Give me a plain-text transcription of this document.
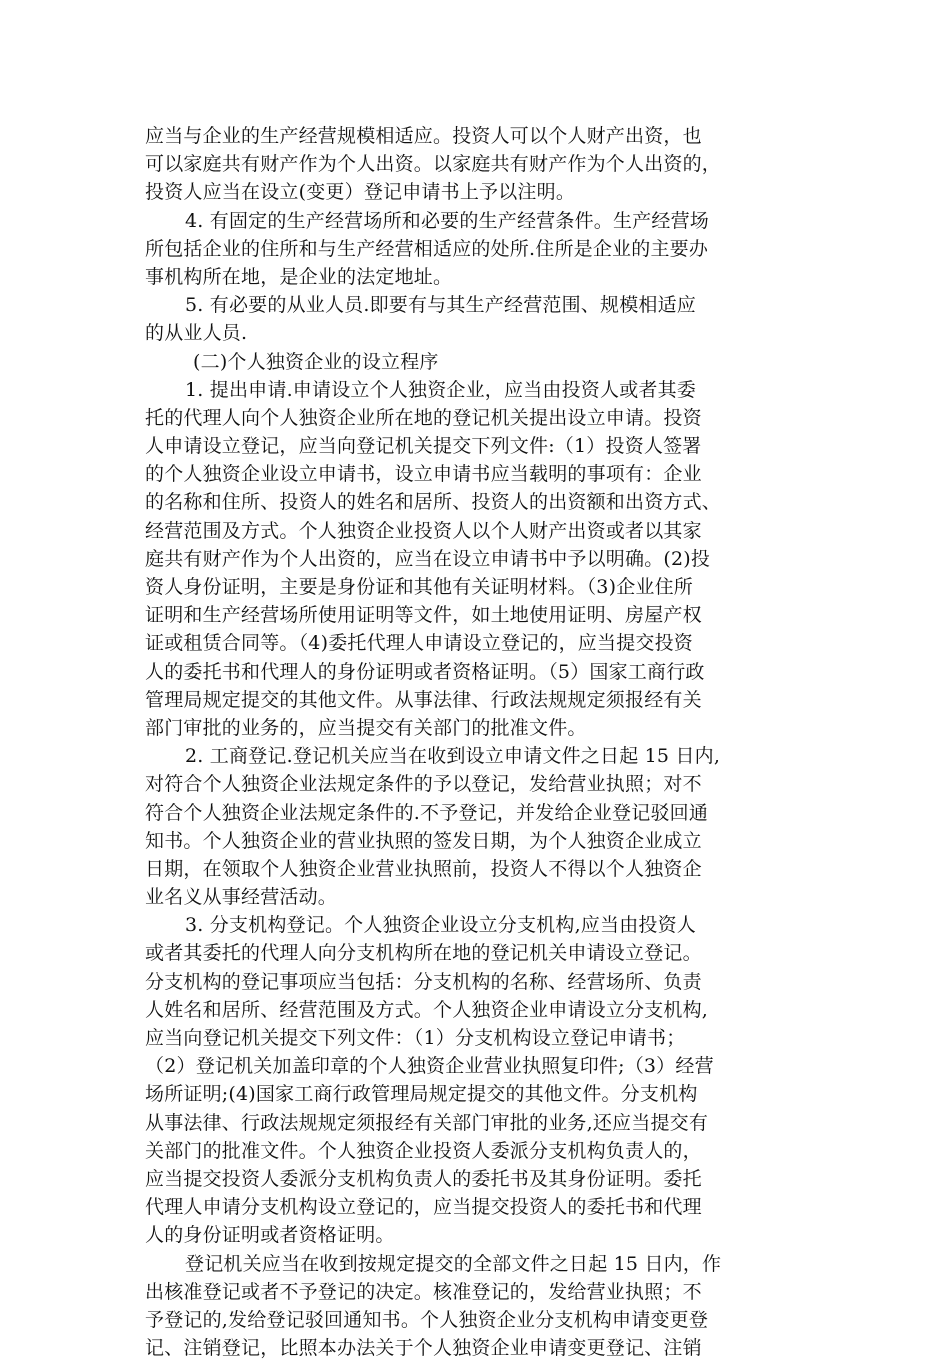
应当与企业的生产经营规模相适应。投资人可以个人财产出资，也
可以家庭共有财产作为个人出资。以家庭共有财产作为个人出资的，
投资人应当在设立(变更）登记申请书上予以注明。
4. 有固定的生产经营场所和必要的生产经营条件。生产经营场
所包括企业的住所和与生产经营相适应的处所.住所是企业的主要办
事机构所在地，是企业的法定地址。
5. 有必要的从业人员.即要有与其生产经营范围、规模相适应
的从业人员.
(二)个人独资企业的设立程序
1. 提出申请.申请设立个人独资企业，应当由投资人或者其委
托的代理人向个人独资企业所在地的登记机关提出设立申请。投资
人申请设立登记，应当向登记机关提交下列文件:（1）投资人签署
的个人独资企业设立申请书，设立申请书应当载明的事项有：企业
的名称和住所、投资人的姓名和居所、投资人的出资额和出资方式、
经营范围及方式。个人独资企业投资人以个人财产出资或者以其家
庭共有财产作为个人出资的，应当在设立申请书中予以明确。(2)投
资人身份证明，主要是身份证和其他有关证明材料。（3)企业住所
证明和生产经营场所使用证明等文件，如土地使用证明、房屋产权
证或租赁合同等。（4)委托代理人申请设立登记的，应当提交投资
人的委托书和代理人的身份证明或者资格证明。（5）国家工商行政
管理局规定提交的其他文件。从事法律、行政法规规定须报经有关
部门审批的业务的，应当提交有关部门的批准文件。
2. 工商登记.登记机关应当在收到设立申请文件之日起 15 日内,
对符合个人独资企业法规定条件的予以登记，发给营业执照；对不
符合个人独资企业法规定条件的.不予登记，并发给企业登记驳回通
知书。个人独资企业的营业执照的签发日期，为个人独资企业成立
日期，在领取个人独资企业营业执照前，投资人不得以个人独资企
业名义从事经营活动。
3. 分支机构登记。个人独资企业设立分支机构,应当由投资人
或者其委托的代理人向分支机构所在地的登记机关申请设立登记。
分支机构的登记事项应当包括：分支机构的名称、经营场所、负责
人姓名和居所、经营范围及方式。个人独资企业申请设立分支机构,
应当向登记机关提交下列文件：（1）分支机构设立登记申请书；
（2）登记机关加盖印章的个人独资企业营业执照复印件;（3）经营
场所证明;(4)国家工商行政管理局规定提交的其他文件。分支机构
从事法律、行政法规规定须报经有关部门审批的业务,还应当提交有
关部门的批准文件。个人独资企业投资人委派分支机构负责人的，
应当提交投资人委派分支机构负责人的委托书及其身份证明。委托
代理人申请分支机构设立登记的，应当提交投资人的委托书和代理
人的身份证明或者资格证明。
登记机关应当在收到按规定提交的全部文件之日起 15 日内，作
出核准登记或者不予登记的决定。核准登记的，发给营业执照；不
予登记的,发给登记驳回通知书。个人独资企业分支机构申请变更登
记、注销登记，比照本办法关于个人独资企业申请变更登记、注销
